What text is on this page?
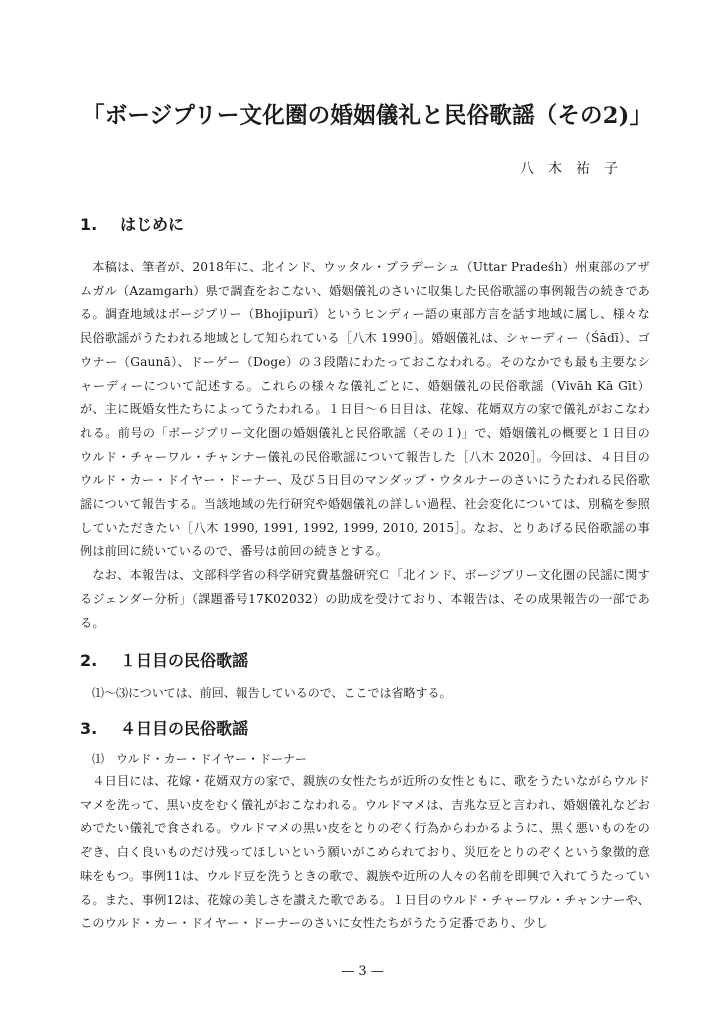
「ボージプリー文化圏の婚姻儀礼と民俗歌謡（その2)」
八木祐子
1. はじめに

本稿は、筆者が、2018年に、北インド、ウッタル・プラデーシュ（Uttar Pradeśh）州東部のアザムガル（Azamgarh）県で調査をおこない、婚姻儀礼のさいに収集した民俗歌謡の事例報告の続きである。調査地域はボージプリー（Bhojipurī）というヒンディー語の東部方言を話す地域に属し、様々な民俗歌謡がうたわれる地域として知られている［八木 1990］。婚姻儀礼は、シャーディー（Śādī）、ゴウナー（Gaunā）、ドーゲー（Doge）の３段階にわたっておこなわれる。そのなかでも最も主要なシャーディーについて記述する。これらの様々な儀礼ごとに、婚姻儀礼の民俗歌謡（Vivāh Kā Gīt）が、主に既婚女性たちによってうたわれる。１日目〜６日目は、花嫁、花婿双方の家で儀礼がおこなわれる。前号の「ボージプリー文化圏の婚姻儀礼と民俗歌謡（その１)」で、婚姻儀礼の概要と１日目のウルド・チャーワル・チャンナー儀礼の民俗歌謡について報告した［八木 2020］。今回は、４日目のウルド・カー・ドイヤー・ドーナー、及び５日目のマンダップ・ウタルナーのさいにうたわれる民俗歌謡について報告する。当該地域の先行研究や婚姻儀礼の詳しい過程、社会変化については、別稿を参照していただきたい［八木 1990, 1991, 1992, 1999, 2010, 2015］。なお、とりあげる民俗歌謡の事例は前回に続いているので、番号は前回の続きとする。

なお、本報告は、文部科学省の科学研究費基盤研究Ｃ「北インド、ボージプリー文化圏の民謡に関するジェンダー分析」（課題番号17K02032）の助成を受けており、本報告は、その成果報告の一部である。

2. １日目の民俗歌謡
⑴〜⑶については、前回、報告しているので、ここでは省略する。
3. ４日目の民俗歌謡
⑴　ウルド・カー・ドイヤー・ドーナー

４日目には、花嫁・花婿双方の家で、親族の女性たちが近所の女性ともに、歌をうたいながらウルドマメを洗って、黒い皮をむく儀礼がおこなわれる。ウルドマメは、吉兆な豆と言われ、婚姻儀礼などおめでたい儀礼で食される。ウルドマメの黒い皮をとりのぞく行為からわかるように、黒く悪いものをのぞき、白く良いものだけ残ってほしいという願いがこめられており、災厄をとりのぞくという象徴的意味をもつ。事例11は、ウルド豆を洗うときの歌で、親族や近所の人々の名前を即興で入れてうたっている。また、事例12は、花嫁の美しさを讃えた歌である。１日目のウルド・チャーワル・チャンナーや、このウルド・カー・ドイヤー・ドーナーのさいに女性たちがうたう定番であり、少し

— 3 —
